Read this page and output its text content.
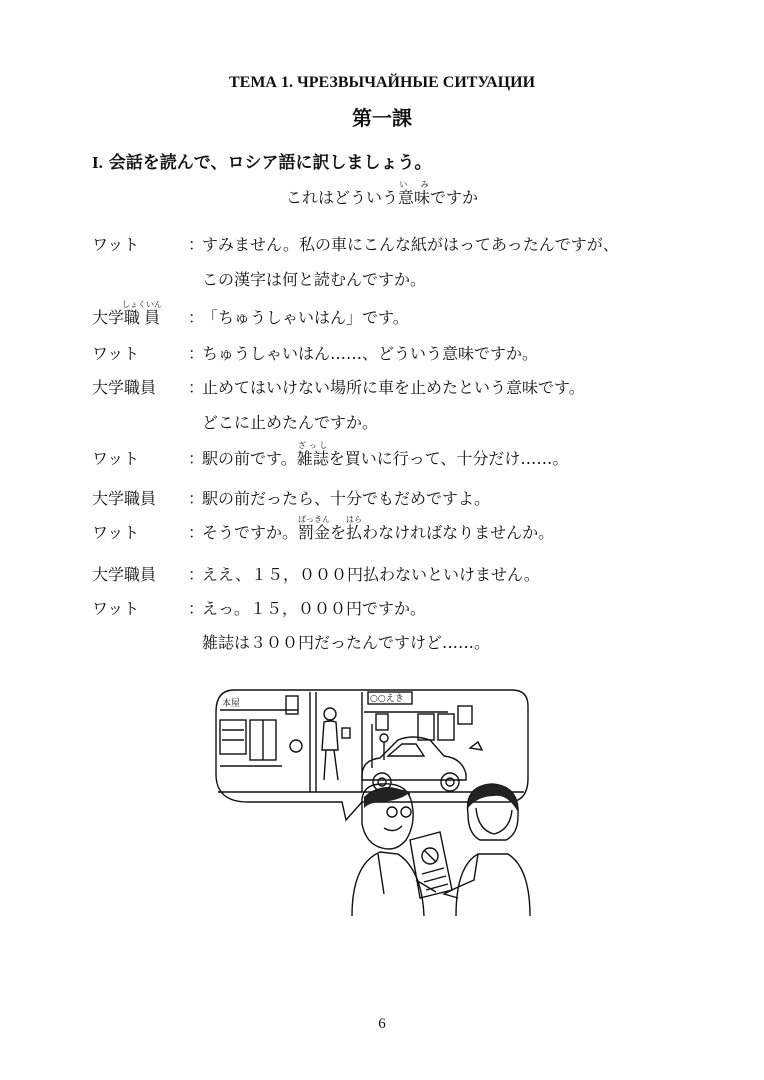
ТЕМА 1. ЧРЕЗВЫЧАЙНЫЕ СИТУАЦИИ
第一課
I. 会話を読んで、ロシア語に訳しましょう。
これはどういう意味い　みですか
ワット	：すみません。私の車にこんな紙がはってあったんですが、
この漢字は何と読むんですか。
大学職員しょくいん：「ちゅうしゃいはん」です。
ワット	：ちゅうしゃいはん……、どういう意味ですか。
大学職員 ：止めてはいけない場所に車を止めたという意味です。
どこに止めたんですか。
ワット	：駅の前です。雑誌ざっしを買いに行って、十分だけ……。
大学職員 ：駅の前だったら、十分でもだめですよ。
ワット	：そうですか。罰金ばっきんを払はらわなければなりませんか。
大学職員 ：ええ、１５，０００円払わないといけません。
ワット	：えっ。１５，０００円ですか。
雑誌は３００円だったんですけど……。
本屋	○○えき
6
